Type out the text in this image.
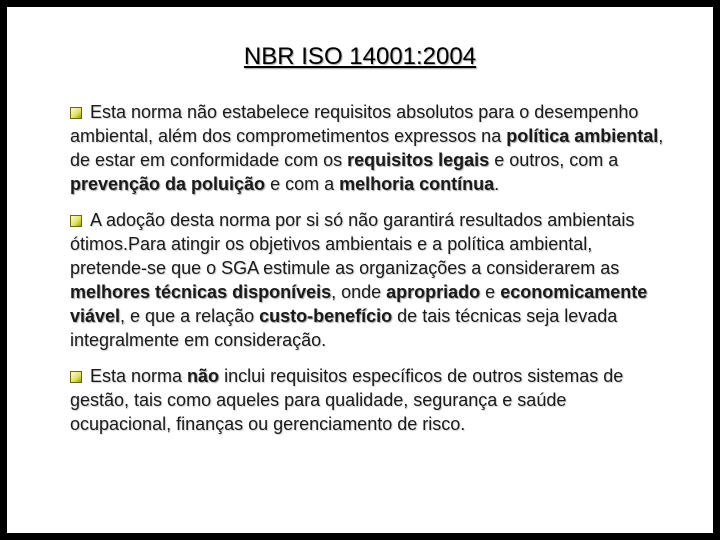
NBR ISO 14001:2004

Esta norma não estabelece requisitos absolutos para o desempenho ambiental, além dos comprometimentos expressos na política ambiental, de estar em conformidade com os requisitos legais e outros, com a prevenção da poluição e com a melhoria contínua.

A adoção desta norma por si só não garantirá resultados ambientais ótimos.Para atingir os objetivos ambientais e a política ambiental, pretende-se que o SGA estimule as organizações a considerarem as melhores técnicas disponíveis, onde apropriado e economicamente viável, e que a relação custo-benefício de tais técnicas seja levada integralmente em consideração.

Esta norma não inclui requisitos específicos de outros sistemas de gestão, tais como aqueles para qualidade, segurança e saúde ocupacional, finanças ou gerenciamento de risco.
